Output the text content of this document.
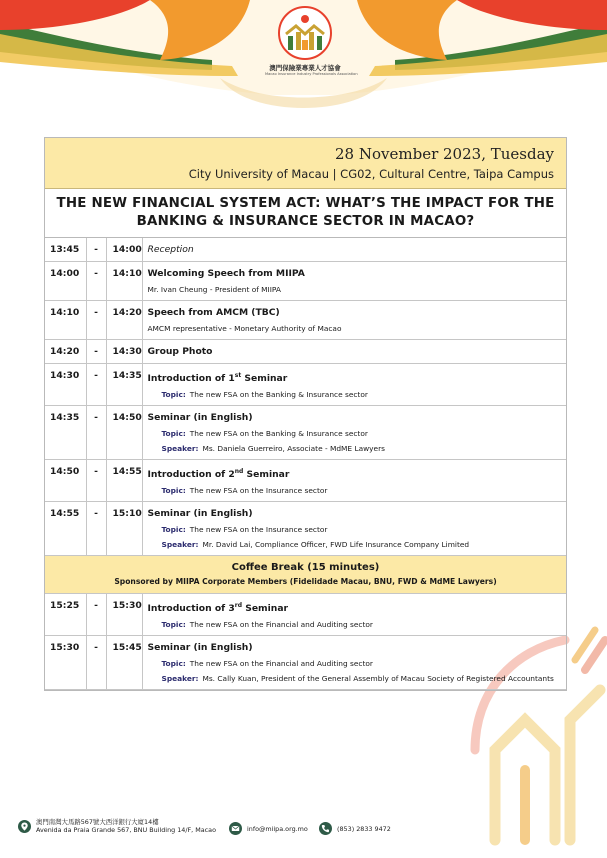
澳門保險業專業人才協會
Macao Insurance Industry Professionals Association
28 November 2023, Tuesday
City University of Macau | CG02, Cultural Centre, Taipa Campus
THE NEW FINANCIAL SYSTEM ACT: WHAT’S THE IMPACT FOR THE BANKING & INSURANCE SECTOR IN MACAO?
13:45	-	14:00	Reception

14:00	-	14:10	Welcoming Speech from MIIPA
Mr. Ivan Cheung - President of MIIPA

14:10	-	14:20	Speech from AMCM (TBC)
AMCM representative - Monetary Authority of Macao

14:20	-	14:30	Group Photo

14:30	-	14:35	Introduction of 1st Seminar
Topic: The new FSA on the Banking & Insurance sector

14:35	-	14:50	Seminar (in English)
Topic: The new FSA on the Banking & Insurance sector
Speaker: Ms. Daniela Guerreiro, Associate - MdME Lawyers

14:50	-	14:55	Introduction of 2nd Seminar
Topic: The new FSA on the Insurance sector

14:55	-	15:10	Seminar (in English)
Topic: The new FSA on the Insurance sector
Speaker: Mr. David Lai, Compliance Officer, FWD Life Insurance Company Limited

Coffee Break (15 minutes)
Sponsored by MIIPA Corporate Members (Fidelidade Macau, BNU, FWD & MdME Lawyers)			

15:25	-	15:30	Introduction of 3rd Seminar
Topic: The new FSA on the Financial and Auditing sector

15:30	-	15:45	Seminar (in English)
Topic: The new FSA on the Financial and Auditing sector
Speaker: Ms. Cally Kuan, President of the General Assembly of Macau Society of Registered Accountants
澳門南灣大馬路567號大西洋銀行大廈14樓
Avenida da Praia Grande 567, BNU Building 14/F, Macao	info@miipa.org.mo	(853) 2833 9472
